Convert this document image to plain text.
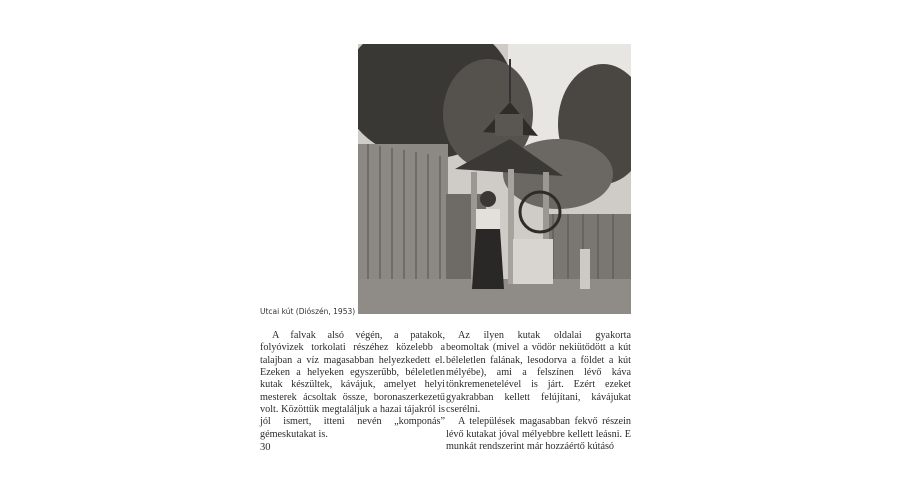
Utcai kút (Diószén, 1953)

A falvak alsó végén, a patakok, folyóvizek torkolati részéhez közelebb a talajban a víz magasabban helyezkedett el. Ezeken a helyeken egyszerűbb, béleletlen kutak készültek, kávájuk, amelyet helyi mesterek ácsoltak össze, boronaszerkezetű volt. Közöttük megtaláljuk a hazai tájakról is jól ismert, itteni nevén „komponás” gémeskutakat is.

Az ilyen kutak oldalai gyakorta beomoltak (mivel a vödör nekiütődött a kút béleletlen falának, lesodorva a földet a kút mélyébe), ami a felszínen lévő káva tönkremenetelével is járt. Ezért ezeket gyakrabban kellett felújítani, kávájukat cserélni.

A települések magasabban fekvő részein lévő kutakat jóval mélyebbre kellett leásni. E munkát rendszerint már hozzáértő kútásó

30
